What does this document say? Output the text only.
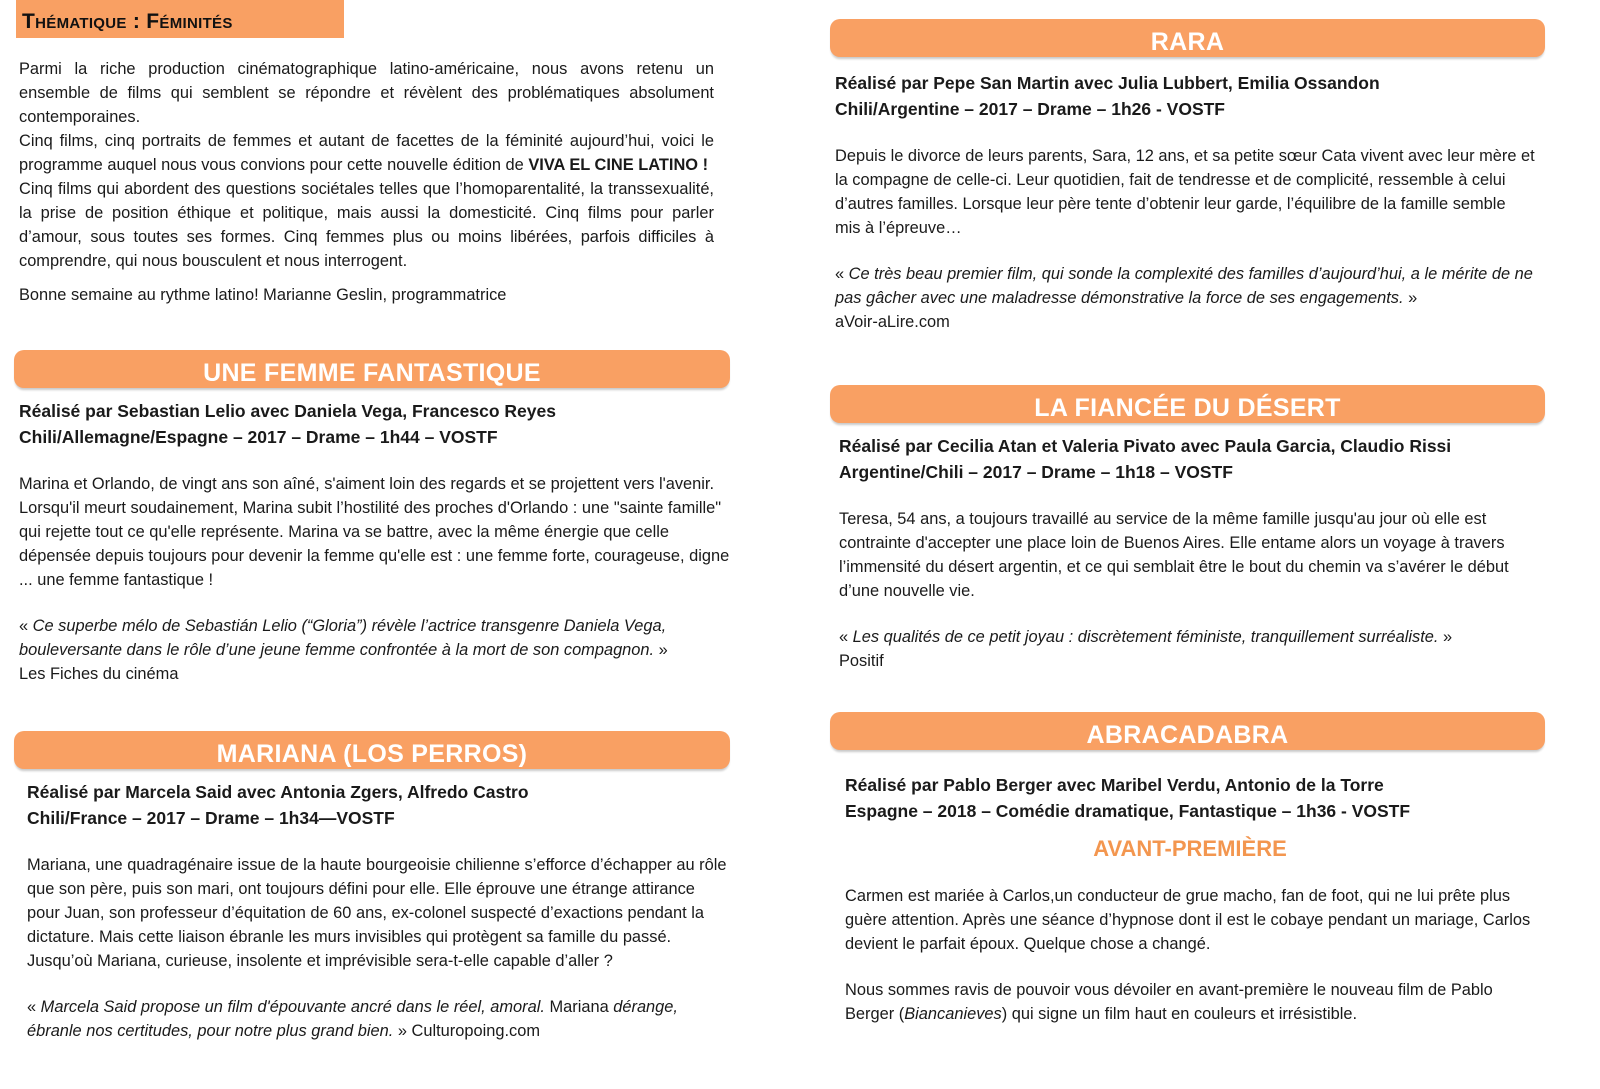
Thématique : Féminités

Parmi la riche production cinématographique latino-américaine, nous avons retenu un ensemble de films qui semblent se répondre et révèlent des problématiques absolument contemporaines.
Cinq films, cinq portraits de femmes et autant de facettes de la féminité aujourd’hui, voici le programme auquel nous vous convions pour cette nouvelle édition de VIVA EL CINE LATINO !
Cinq films qui abordent des questions sociétales telles que l’homoparentalité, la transsexualité, la prise de position éthique et politique, mais aussi la domesticité. Cinq films pour parler d’amour, sous toutes ses formes. Cinq femmes plus ou moins libérées, parfois difficiles à comprendre, qui nous bousculent et nous interrogent.

Bonne semaine au rythme latino! Marianne Geslin, programmatrice

UNE FEMME FANTASTIQUE

Réalisé par Sebastian Lelio avec Daniela Vega, Francesco Reyes

Chili/Allemagne/Espagne – 2017 – Drame – 1h44 – VOSTF

Marina et Orlando, de vingt ans son aîné, s'aiment loin des regards et se projettent vers l'avenir. Lorsqu'il meurt soudainement, Marina subit l’hostilité des proches d'Orlando : une "sainte famille" qui rejette tout ce qu'elle représente. Marina va se battre, avec la même énergie que celle dépensée depuis toujours pour devenir la femme qu'elle est : une femme forte, courageuse, digne ... une femme fantastique !

« Ce superbe mélo de Sebastián Lelio (“Gloria”) révèle l’actrice transgenre Daniela Vega, bouleversante dans le rôle d’une jeune femme confrontée à la mort de son compagnon. »
Les Fiches du cinéma

MARIANA (LOS PERROS)

Réalisé par Marcela Said avec Antonia Zgers, Alfredo Castro

Chili/France – 2017 – Drame – 1h34—VOSTF

Mariana, une quadragénaire issue de la haute bourgeoisie chilienne s’efforce d’échapper au rôle que son père, puis son mari, ont toujours défini pour elle. Elle éprouve une étrange attirance pour Juan, son professeur d’équitation de 60 ans, ex-colonel suspecté d’exactions pendant la dictature. Mais cette liaison ébranle les murs invisibles qui protègent sa famille du passé. Jusqu’où Mariana, curieuse, insolente et imprévisible sera-t-elle capable d’aller ?

« Marcela Said propose un film d'épouvante ancré dans le réel, amoral. Mariana dérange, ébranle nos certitudes, pour notre plus grand bien. » Culturopoing.com

RARA

Réalisé par Pepe San Martin avec Julia Lubbert, Emilia Ossandon

Chili/Argentine – 2017 – Drame – 1h26 - VOSTF

Depuis le divorce de leurs parents, Sara, 12 ans, et sa petite sœur Cata vivent avec leur mère et la compagne de celle-ci. Leur quotidien, fait de tendresse et de complicité, ressemble à celui d’autres familles. Lorsque leur père tente d’obtenir leur garde, l’équilibre de la famille semble mis à l’épreuve…

« Ce très beau premier film, qui sonde la complexité des familles d’aujourd’hui, a le mérite de ne pas gâcher avec une maladresse démonstrative la force de ses engagements. »
aVoir-aLire.com

LA FIANCÉE DU DÉSERT

Réalisé par Cecilia Atan et Valeria Pivato avec Paula Garcia, Claudio Rissi

Argentine/Chili – 2017 – Drame – 1h18 – VOSTF

Teresa, 54 ans, a toujours travaillé au service de la même famille jusqu'au jour où elle est contrainte d'accepter une place loin de Buenos Aires. Elle entame alors un voyage à travers l’immensité du désert argentin, et ce qui semblait être le bout du chemin va s’avérer le début d’une nouvelle vie.

« Les qualités de ce petit joyau : discrètement féministe, tranquillement surréaliste. »
Positif

ABRACADABRA

Réalisé par Pablo Berger avec Maribel Verdu, Antonio de la Torre

Espagne – 2018 – Comédie dramatique, Fantastique – 1h36 - VOSTF

AVANT-PREMIÈRE

Carmen est mariée à Carlos,un conducteur de grue macho, fan de foot, qui ne lui prête plus guère attention. Après une séance d’hypnose dont il est le cobaye pendant un mariage, Carlos devient le parfait époux. Quelque chose a changé.

Nous sommes ravis de pouvoir vous dévoiler en avant-première le nouveau film de Pablo Berger (Biancanieves) qui signe un film haut en couleurs et irrésistible.
